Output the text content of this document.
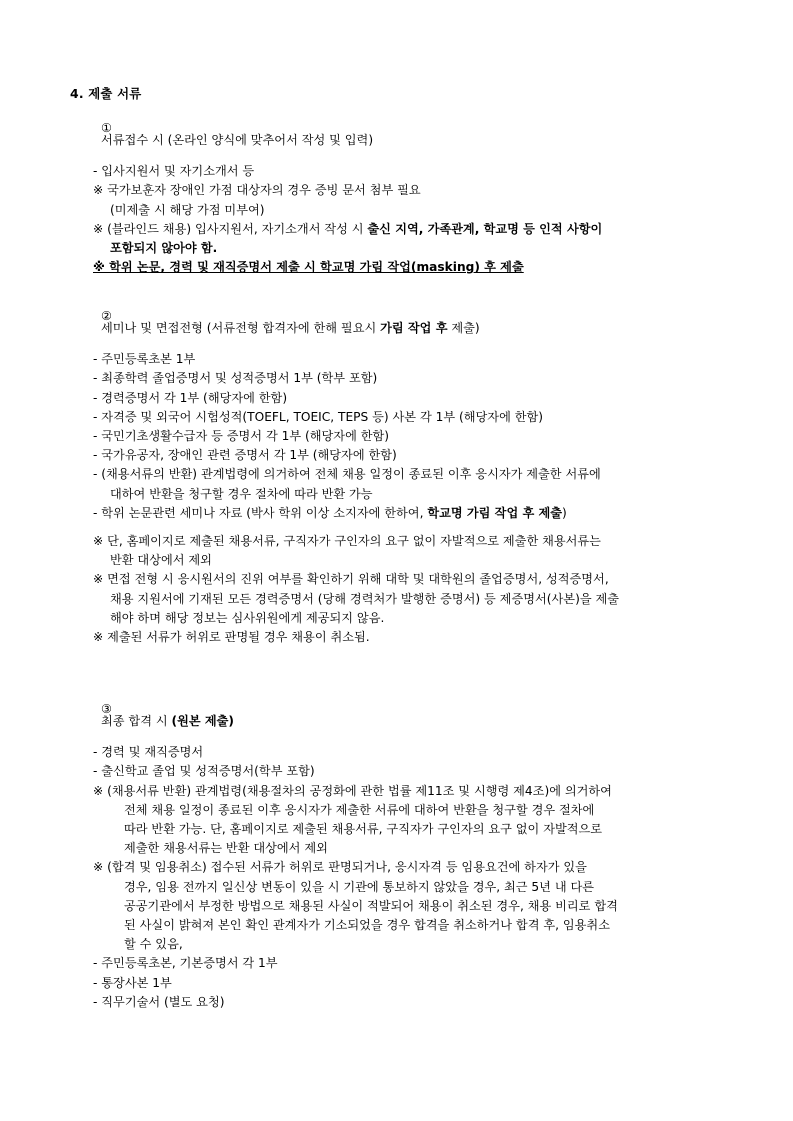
4. 제출 서류

①
서류접수 시 (온라인 양식에 맞추어서 작성 및 입력)

- 입사지원서 및 자기소개서 등

※ 국가보훈자 장애인 가점 대상자의 경우 증빙 문서 첨부 필요

(미제출 시 해당 가점 미부여)

※ (블라인드 채용) 입사지원서, 자기소개서 작성 시 출신 지역, 가족관계, 학교명 등 인적 사항이

포함되지 않아야 함.

※ 학위 논문, 경력 및 재직증명서 제출 시 학교명 가림 작업(masking) 후 제출

②
세미나 및 면접전형 (서류전형 합격자에 한해 필요시 가림 작업 후 제출)

- 주민등록초본 1부

- 최종학력 졸업증명서 및 성적증명서 1부 (학부 포함)

- 경력증명서 각 1부 (해당자에 한함)

- 자격증 및 외국어 시험성적(TOEFL, TOEIC, TEPS 등) 사본 각 1부 (해당자에 한함)

- 국민기초생활수급자 등 증명서 각 1부 (해당자에 한함)

- 국가유공자, 장애인 관련 증명서 각 1부 (해당자에 한함)

- (채용서류의 반환) 관계법령에 의거하여 전체 채용 일정이 종료된 이후 응시자가 제출한 서류에

대하여 반환을 청구할 경우 절차에 따라 반환 가능

- 학위 논문관련 세미나 자료 (박사 학위 이상 소지자에 한하여, 학교명 가림 작업 후 제출)

※ 단, 홈페이지로 제출된 채용서류, 구직자가 구인자의 요구 없이 자발적으로 제출한 채용서류는

반환 대상에서 제외

※ 면접 전형 시 응시원서의 진위 여부를 확인하기 위해 대학 및 대학원의 졸업증명서, 성적증명서,

채용 지원서에 기재된 모든 경력증명서 (당해 경력처가 발행한 증명서) 등 제증명서(사본)을 제출

해야 하며 해당 정보는 심사위원에게 제공되지 않음.

※ 제출된 서류가 허위로 판명될 경우 채용이 취소됨.

③
최종 합격 시 (원본 제출)

- 경력 및 재직증명서

- 출신학교 졸업 및 성적증명서(학부 포함)

※ (채용서류 반환) 관계법령(채용절차의 공정화에 관한 법률 제11조 및 시행령 제4조)에 의거하여

전체 채용 일정이 종료된 이후 응시자가 제출한 서류에 대하여 반환을 청구할 경우 절차에

따라 반환 가능. 단, 홈페이지로 제출된 채용서류, 구직자가 구인자의 요구 없이 자발적으로

제출한 채용서류는 반환 대상에서 제외

※ (합격 및 임용취소) 접수된 서류가 허위로 판명되거나, 응시자격 등 임용요건에 하자가 있을

경우, 임용 전까지 일신상 변동이 있을 시 기관에 통보하지 않았을 경우, 최근 5년 내 다른

공공기관에서 부정한 방법으로 채용된 사실이 적발되어 채용이 취소된 경우, 채용 비리로 합격

된 사실이 밝혀져 본인 확인 관계자가 기소되었을 경우 합격을 취소하거나 합격 후, 임용취소

할 수 있음,

- 주민등록초본, 기본증명서 각 1부

- 통장사본 1부

- 직무기술서 (별도 요청)
